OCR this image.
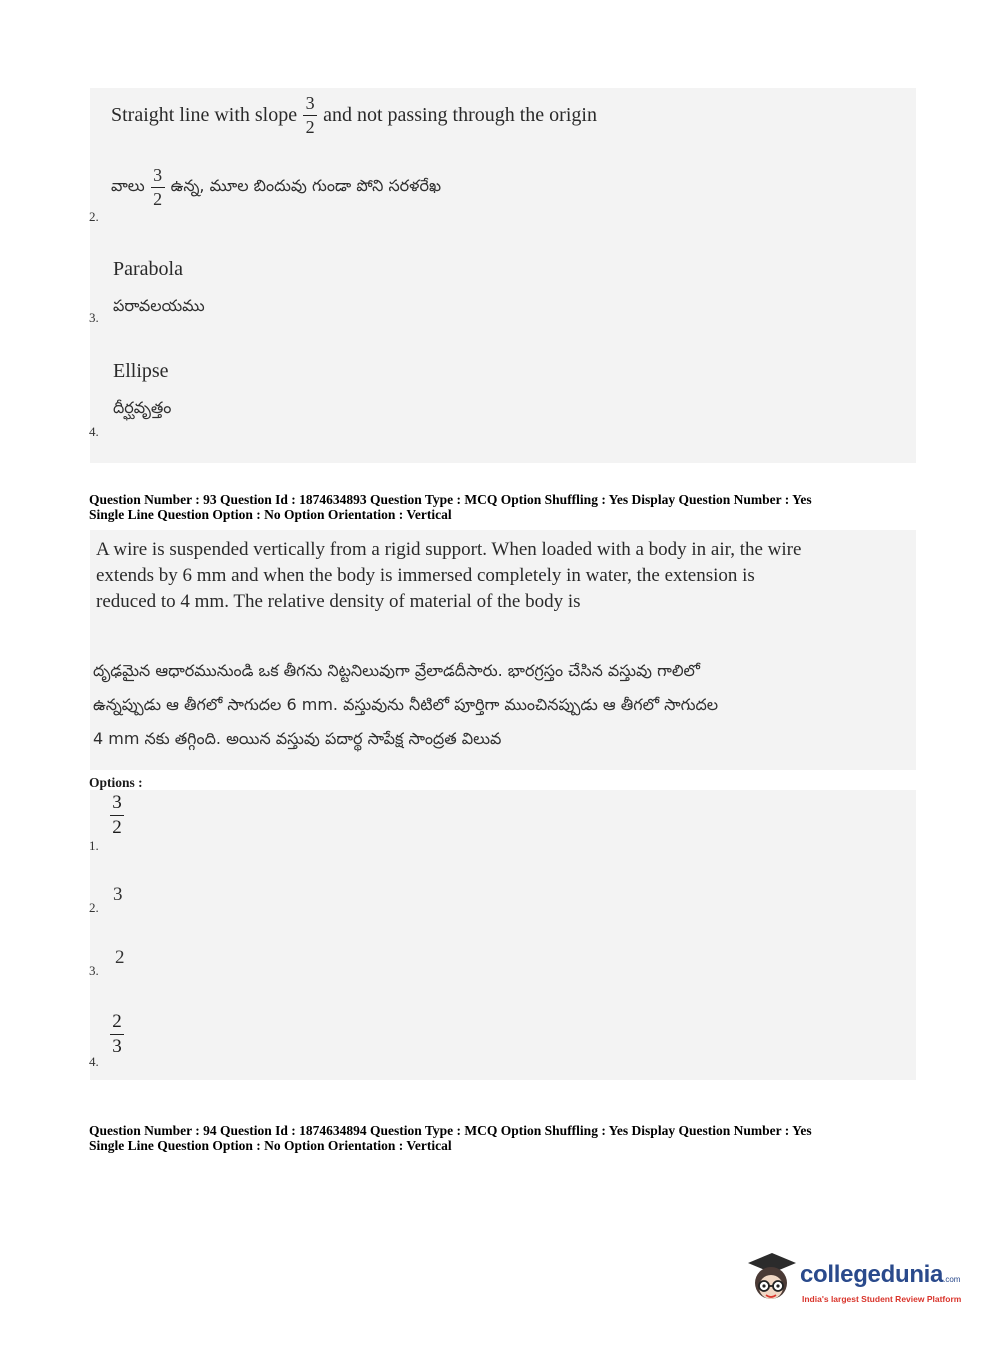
Straight line with slope $\frac{3}{2}$ and not passing through the origin
వాలు $\frac{3}{2}$ ఉన్న, మూల బిందువు గుండా పోని సరళరేఖ
2.
Parabola
పరావలయము
3.
Ellipse
దీర్ఘవృత్తం
4.
Question Number : 93 Question Id : 1874634893 Question Type : MCQ Option Shuffling : Yes Display Question Number : Yes
Single Line Question Option : No Option Orientation : Vertical
A wire is suspended vertically from a rigid support. When loaded with a body in air, the wire
extends by 6 mm and when the body is immersed completely in water, the extension is
reduced to 4 mm. The relative density of material of the body is
దృఢమైన ఆధారమునుండి ఒక తీగను నిట్టనిలువుగా వ్రేలాడదీసారు. భారగ్రస్తం చేసిన వస్తువు గాలిలో
ఉన్నప్పుడు ఆ తీగలో సాగుదల 6 mm. వస్తువును నీటిలో పూర్తిగా ముంచినప్పుడు ఆ తీగలో సాగుదల
4 mm నకు తగ్గింది. అయిన వస్తువు పదార్థ సాపేక్ష సాంద్రత విలువ
Options :
$\frac{3}{2}$
1.
3
2.
2
3.
$\frac{2}{3}$
4.
Question Number : 94 Question Id : 1874634894 Question Type : MCQ Option Shuffling : Yes Display Question Number : Yes
Single Line Question Option : No Option Orientation : Vertical
collegedunia.com
India's largest Student Review Platform
